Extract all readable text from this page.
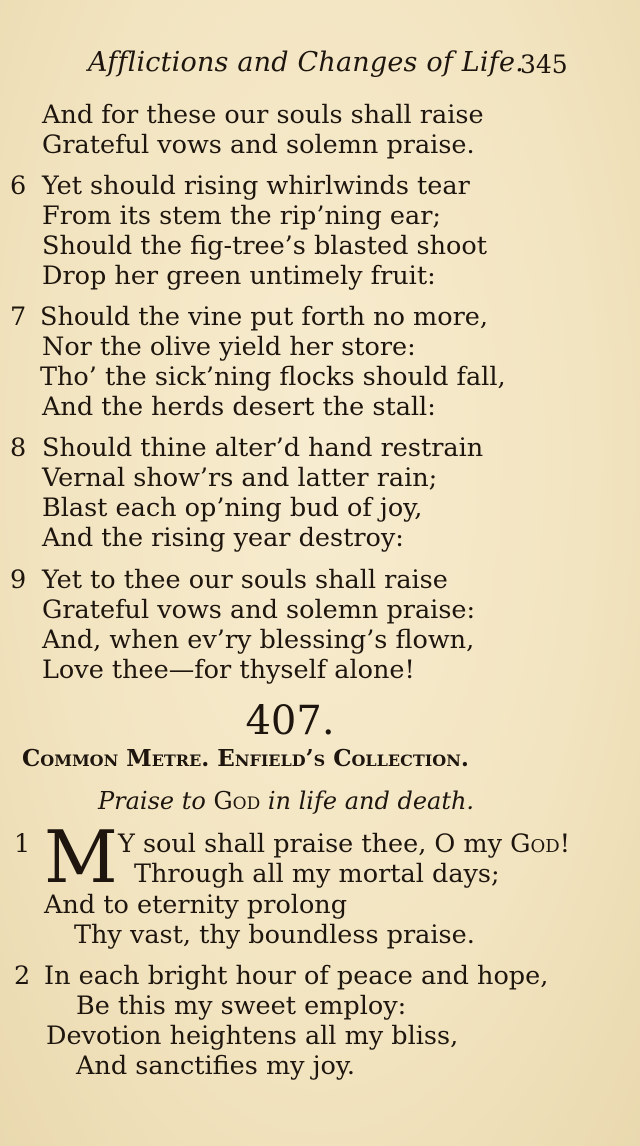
Afflictions and Changes of Life.
345
And for these our souls shall raise
Grateful vows and solemn praise.
6 Yet should rising whirlwinds tear
From its stem the rip’ning ear;
Should the fig-tree’s blasted shoot
Drop her green untimely fruit:
7 Should the vine put forth no more,
Nor the olive yield her store:
Tho’ the sick’ning flocks should fall,
And the herds desert the stall:
8 Should thine alter’d hand restrain
Vernal show’rs and latter rain;
Blast each op’ning bud of joy,
And the rising year destroy:
9 Yet to thee our souls shall raise
Grateful vows and solemn praise:
And, when ev’ry blessing’s flown,
Love thee—for thyself alone!
407.
Common Metre. Enfield’s Collection.
Praise to God in life and death.
1 M Y soul shall praise thee, O my God!
Through all my mortal days;
And to eternity prolong
Thy vast, thy boundless praise.
2 In each bright hour of peace and hope,
Be this my sweet employ:
Devotion heightens all my bliss,
And sanctifies my joy.
